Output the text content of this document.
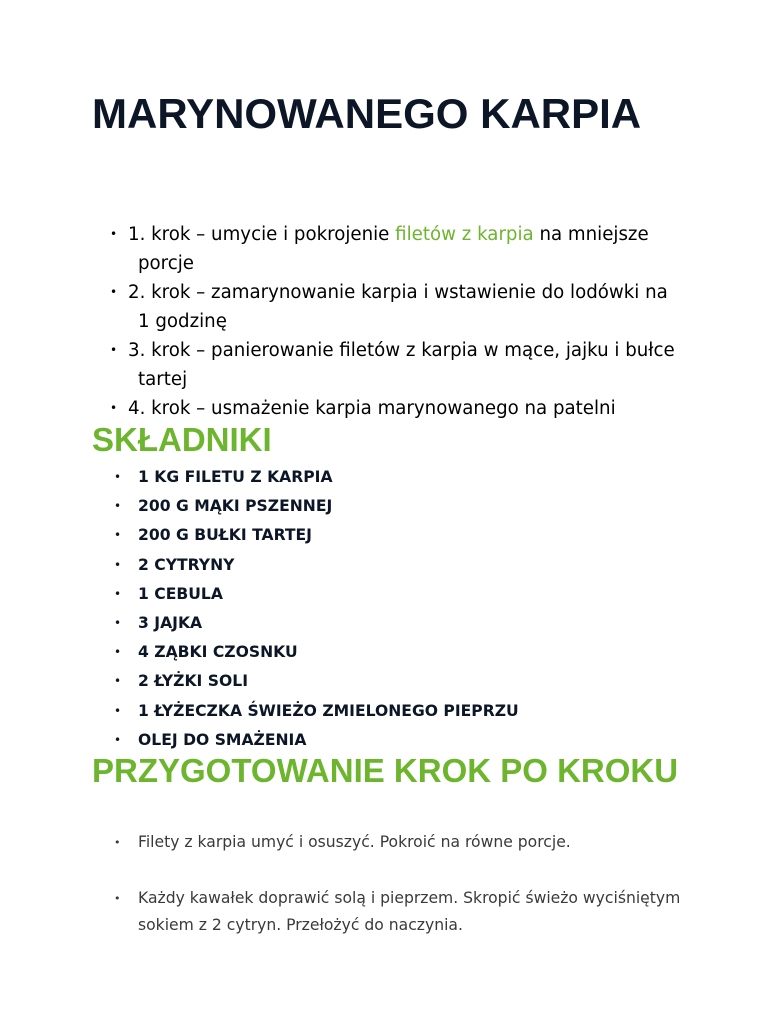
MARYNOWANEGO KARPIA
• 1. krok – umycie i pokrojenie filetów z karpia na mniejsze porcje
• 2. krok – zamarynowanie karpia i wstawienie do lodówki na 1 godzinę
• 3. krok – panierowanie filetów z karpia w mące, jajku i bułce tartej
• 4. krok – usmażenie karpia marynowanego na patelni
SKŁADNIKI
• 1 KG FILETU Z KARPIA
• 200 G MĄKI PSZENNEJ
• 200 G BUŁKI TARTEJ
• 2 CYTRYNY
• 1 CEBULA
• 3 JAJKA
• 4 ZĄBKI CZOSNKU
• 2 ŁYŻKI SOLI
• 1 ŁYŻECZKA ŚWIEŻO ZMIELONEGO PIEPRZU
• OLEJ DO SMAŻENIA
PRZYGOTOWANIE KROK PO KROKU
• Filety z karpia umyć i osuszyć. Pokroić na równe porcje.
• Każdy kawałek doprawić solą i pieprzem. Skropić świeżo wyciśniętym sokiem z 2 cytryn. Przełożyć do naczynia.
